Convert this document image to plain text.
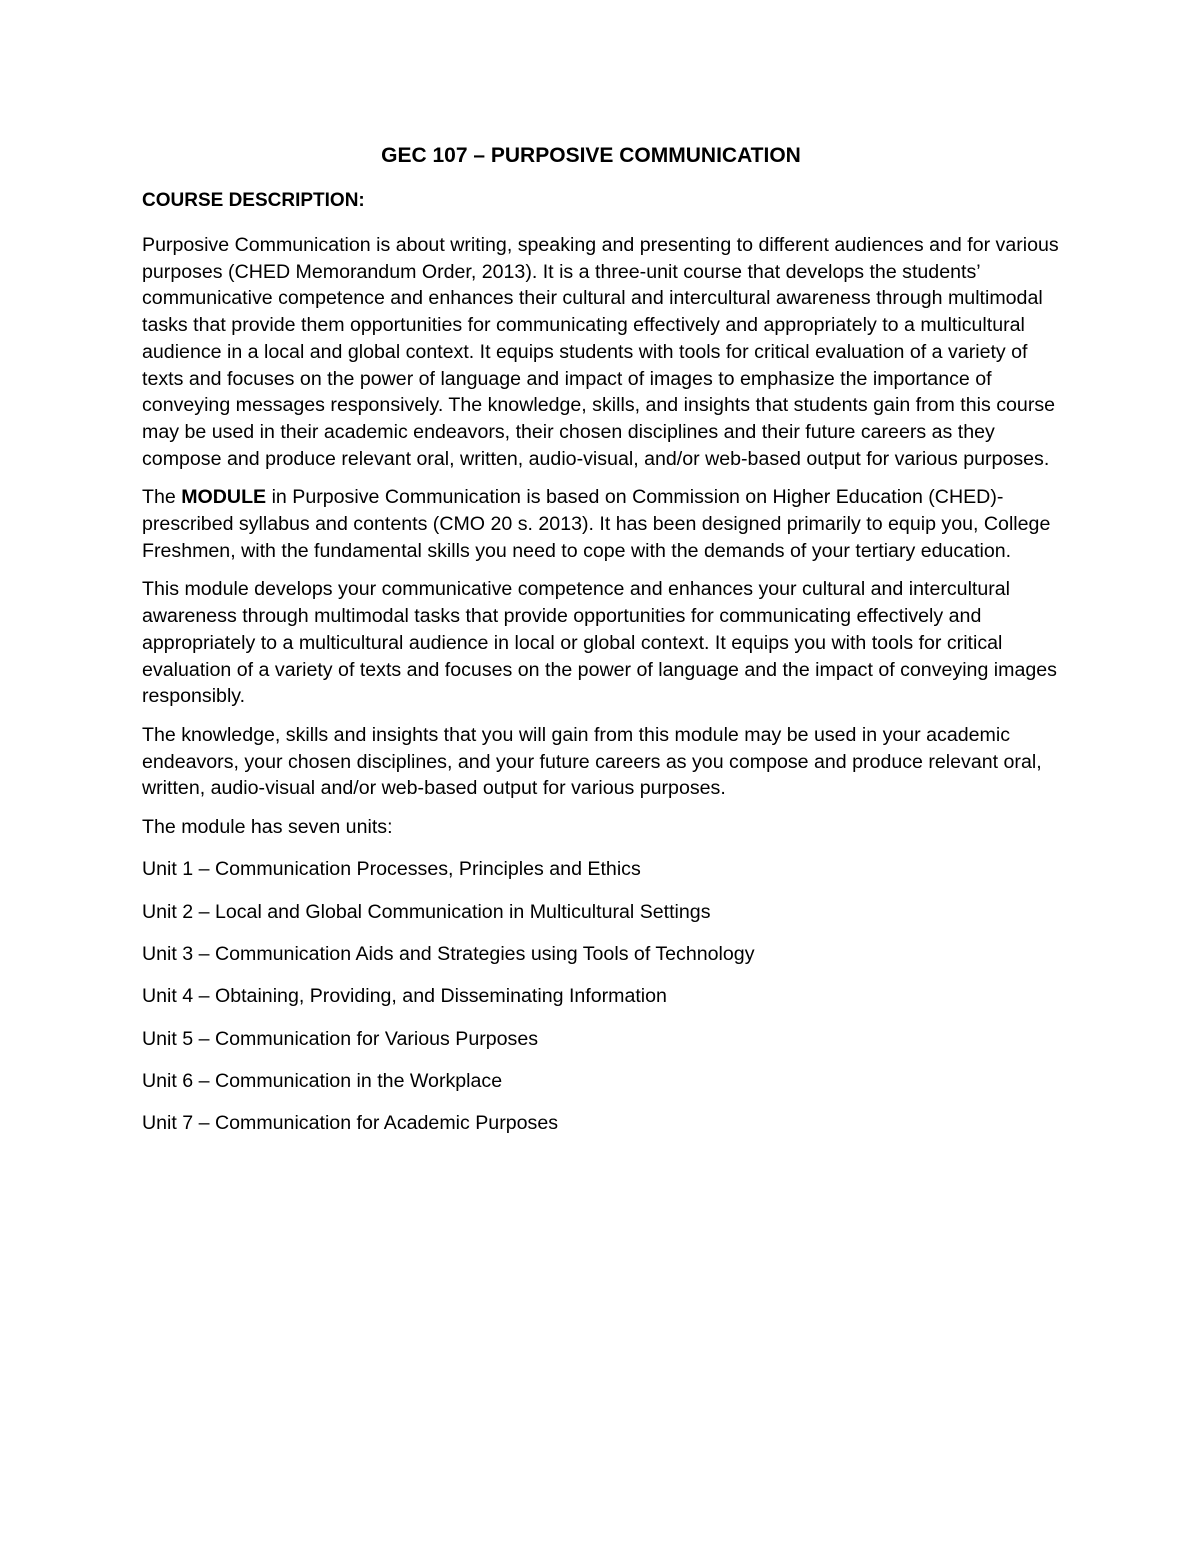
GEC 107 – PURPOSIVE COMMUNICATION
COURSE DESCRIPTION:

Purposive Communication is about writing, speaking and presenting to different audiences and for various purposes (CHED Memorandum Order, 2013). It is a three-unit course that develops the students’ communicative competence and enhances their cultural and intercultural awareness through multimodal tasks that provide them opportunities for communicating effectively and appropriately to a multicultural audience in a local and global context. It equips students with tools for critical evaluation of a variety of texts and focuses on the power of language and impact of images to emphasize the importance of conveying messages responsively. The knowledge, skills, and insights that students gain from this course may be used in their academic endeavors, their chosen disciplines and their future careers as they compose and produce relevant oral, written, audio-visual, and/or web-based output for various purposes.

The MODULE in Purposive Communication is based on Commission on Higher Education (CHED)-prescribed syllabus and contents (CMO 20 s. 2013). It has been designed primarily to equip you, College Freshmen, with the fundamental skills you need to cope with the demands of your tertiary education.

This module develops your communicative competence and enhances your cultural and intercultural awareness through multimodal tasks that provide opportunities for communicating effectively and appropriately to a multicultural audience in local or global context. It equips you with tools for critical evaluation of a variety of texts and focuses on the power of language and the impact of conveying images responsibly.

The knowledge, skills and insights that you will gain from this module may be used in your academic endeavors, your chosen disciplines, and your future careers as you compose and produce relevant oral, written, audio-visual and/or web-based output for various purposes.

The module has seven units:

Unit 1 – Communication Processes, Principles and Ethics
Unit 2 – Local and Global Communication in Multicultural Settings
Unit 3 – Communication Aids and Strategies using Tools of Technology
Unit 4 – Obtaining, Providing, and Disseminating Information
Unit 5 – Communication for Various Purposes
Unit 6 – Communication in the Workplace
Unit 7 – Communication for Academic Purposes
